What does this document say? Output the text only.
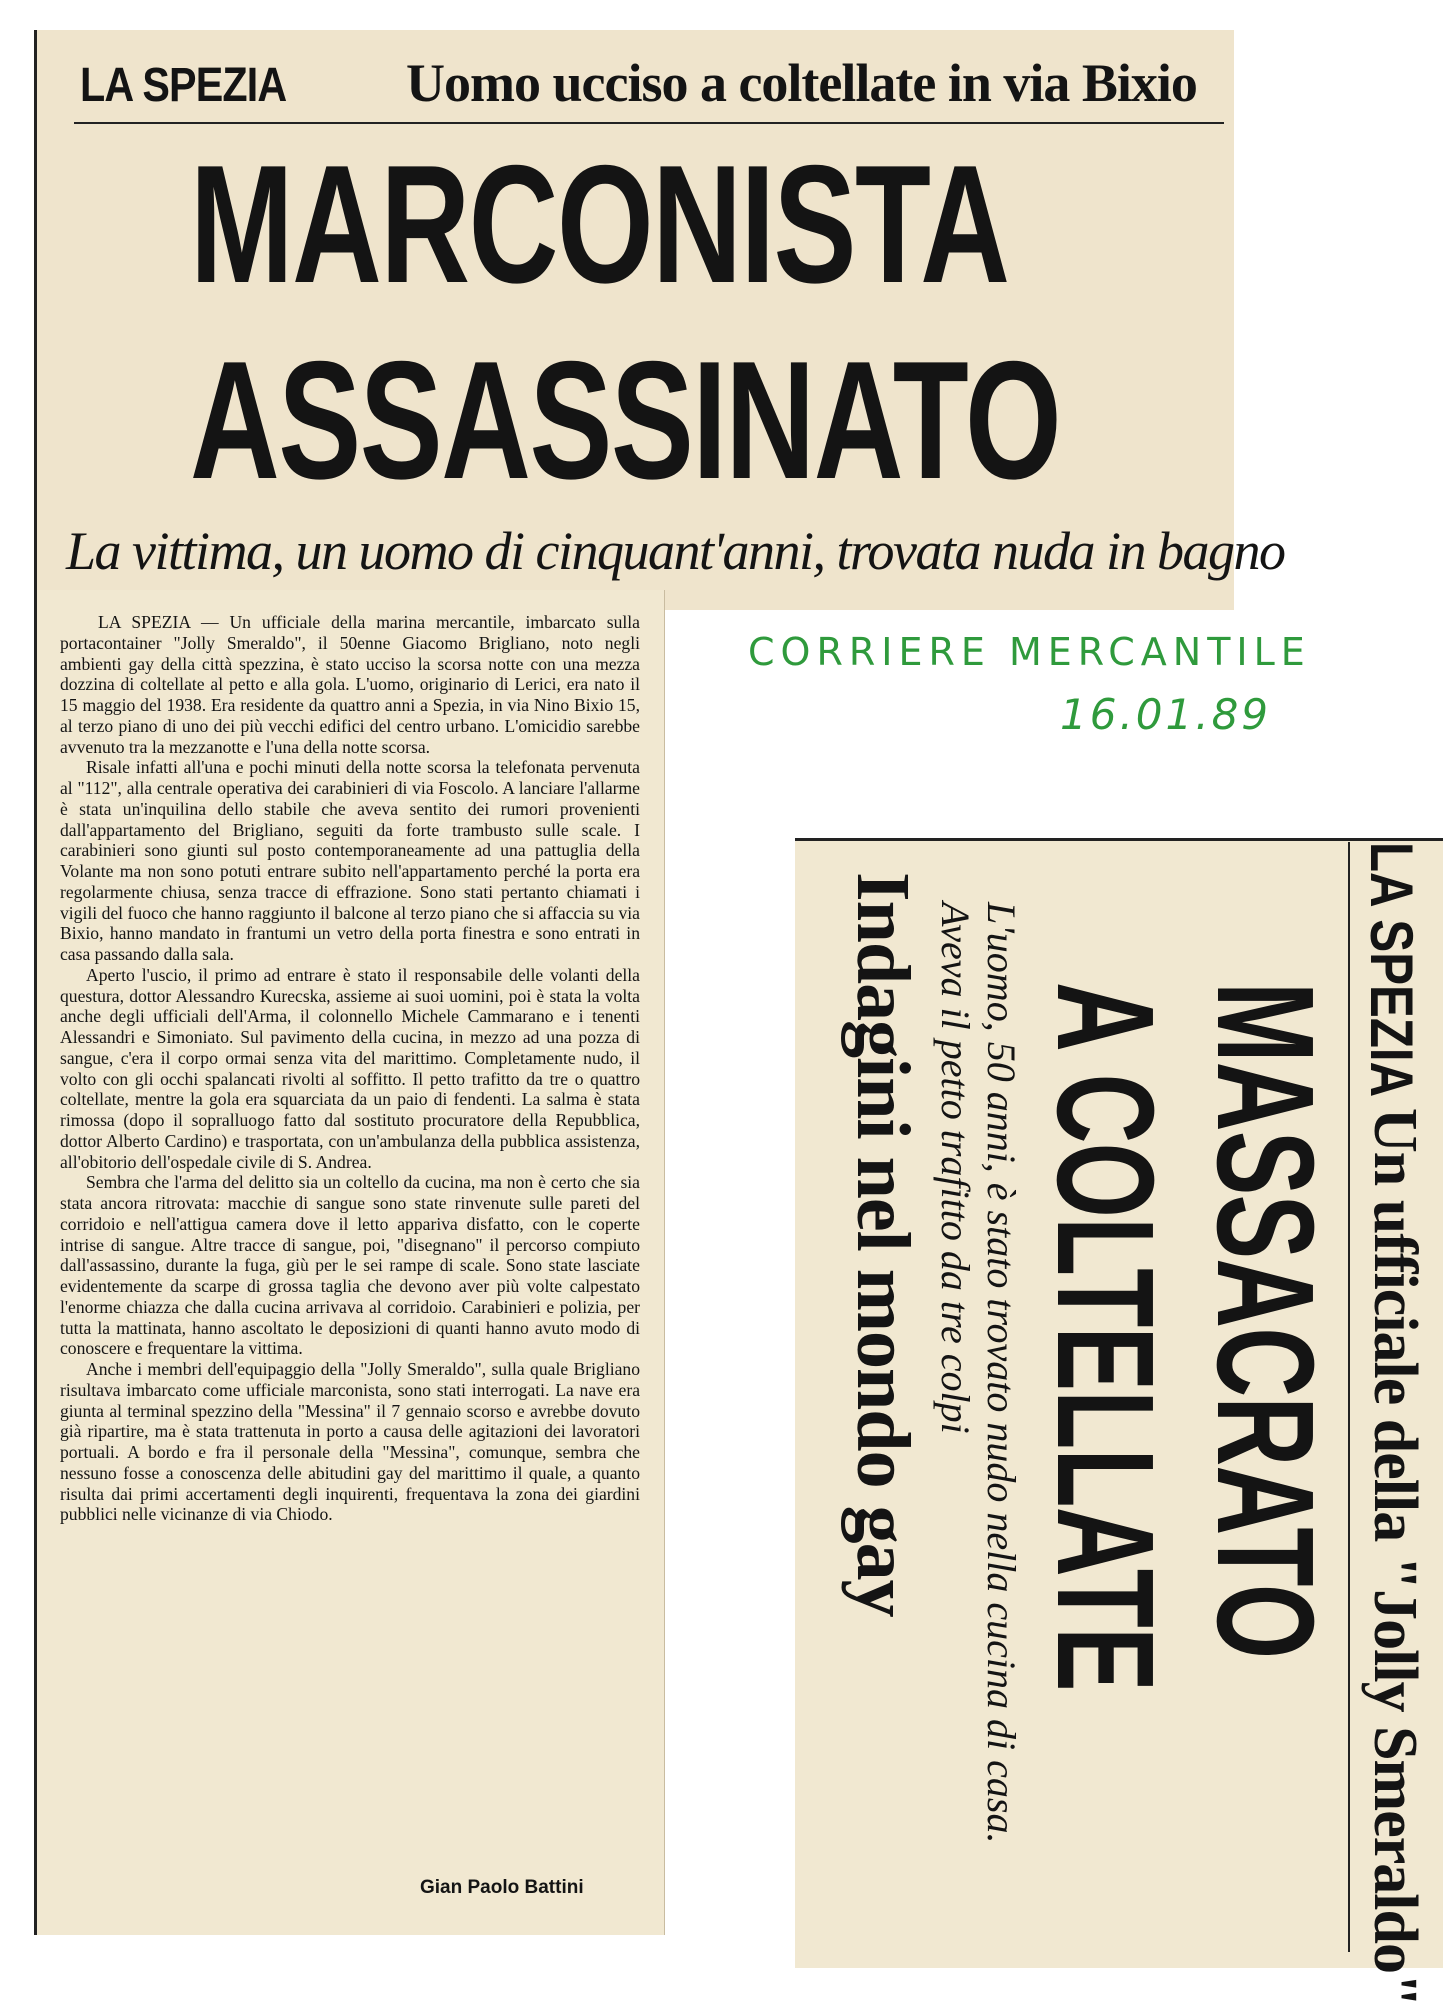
LA SPEZIA Uomo ucciso a coltellate in via Bixio
MARCONISTA
ASSASSINATO
La vittima, un uomo di cinquant'anni, trovata nuda in bagno

LA SPEZIA — Un ufficiale della marina mercantile, imbarcato sulla portacontainer "Jolly Smeraldo", il 50enne Giacomo Brigliano, noto negli ambienti gay della città spezzina, è stato ucciso la scorsa notte con una mezza dozzina di coltellate al petto e alla gola. L'uomo, originario di Lerici, era nato il 15 maggio del 1938. Era residente da quattro anni a Spezia, in via Nino Bixio 15, al terzo piano di uno dei più vecchi edifici del centro urbano. L'omicidio sarebbe avvenuto tra la mezzanotte e l'una della notte scorsa.

Risale infatti all'una e pochi minuti della notte scorsa la telefonata pervenuta al "112", alla centrale operativa dei carabinieri di via Foscolo. A lanciare l'allarme è stata un'inquilina dello stabile che aveva sentito dei rumori provenienti dall'appartamento del Brigliano, seguiti da forte trambusto sulle scale. I carabinieri sono giunti sul posto contemporaneamente ad una pattuglia della Volante ma non sono potuti entrare subito nell'appartamento perché la porta era regolarmente chiusa, senza tracce di effrazione. Sono stati pertanto chiamati i vigili del fuoco che hanno raggiunto il balcone al terzo piano che si affaccia su via Bixio, hanno mandato in frantumi un vetro della porta finestra e sono entrati in casa passando dalla sala.

Aperto l'uscio, il primo ad entrare è stato il responsabile delle volanti della questura, dottor Alessandro Kurecska, assieme ai suoi uomini, poi è stata la volta anche degli ufficiali dell'Arma, il colonnello Michele Cammarano e i tenenti Alessandri e Simoniato. Sul pavimento della cucina, in mezzo ad una pozza di sangue, c'era il corpo ormai senza vita del marittimo. Completamente nudo, il volto con gli occhi spalancati rivolti al soffitto. Il petto trafitto da tre o quattro coltellate, mentre la gola era squarciata da un paio di fendenti. La salma è stata rimossa (dopo il sopralluogo fatto dal sostituto procuratore della Repubblica, dottor Alberto Cardino) e trasportata, con un'ambulanza della pubblica assistenza, all'obitorio dell'ospedale civile di S. Andrea.

Sembra che l'arma del delitto sia un coltello da cucina, ma non è certo che sia stata ancora ritrovata: macchie di sangue sono state rinvenute sulle pareti del corridoio e nell'attigua camera dove il letto appariva disfatto, con le coperte intrise di sangue. Altre tracce di sangue, poi, "disegnano" il percorso compiuto dall'assassino, durante la fuga, giù per le sei rampe di scale. Sono state lasciate evidentemente da scarpe di grossa taglia che devono aver più volte calpestato l'enorme chiazza che dalla cucina arrivava al corridoio. Carabinieri e polizia, per tutta la mattinata, hanno ascoltato le deposizioni di quanti hanno avuto modo di conoscere e frequentare la vittima.

Anche i membri dell'equipaggio della "Jolly Smeraldo", sulla quale Brigliano risultava imbarcato come ufficiale marconista, sono stati interrogati. La nave era giunta al terminal spezzino della "Messina" il 7 gennaio scorso e avrebbe dovuto già ripartire, ma è stata trattenuta in porto a causa delle agitazioni dei lavoratori portuali. A bordo e fra il personale della "Messina", comunque, sembra che nessuno fosse a conoscenza delle abitudini gay del marittimo il quale, a quanto risulta dai primi accertamenti degli inquirenti, frequentava la zona dei giardini pubblici nelle vicinanze di via Chiodo.

Gian Paolo Battini
CORRIERE MERCANTILE
16.01.89
LA SPEZIA
Un ufficiale della "Jolly Smeraldo"
MASSACRATO
A COLTELLATE
L'uomo, 50 anni, è stato trovato nudo nella cucina di casa. Aveva il petto trafitto da tre colpi
Indagini nel mondo gay
